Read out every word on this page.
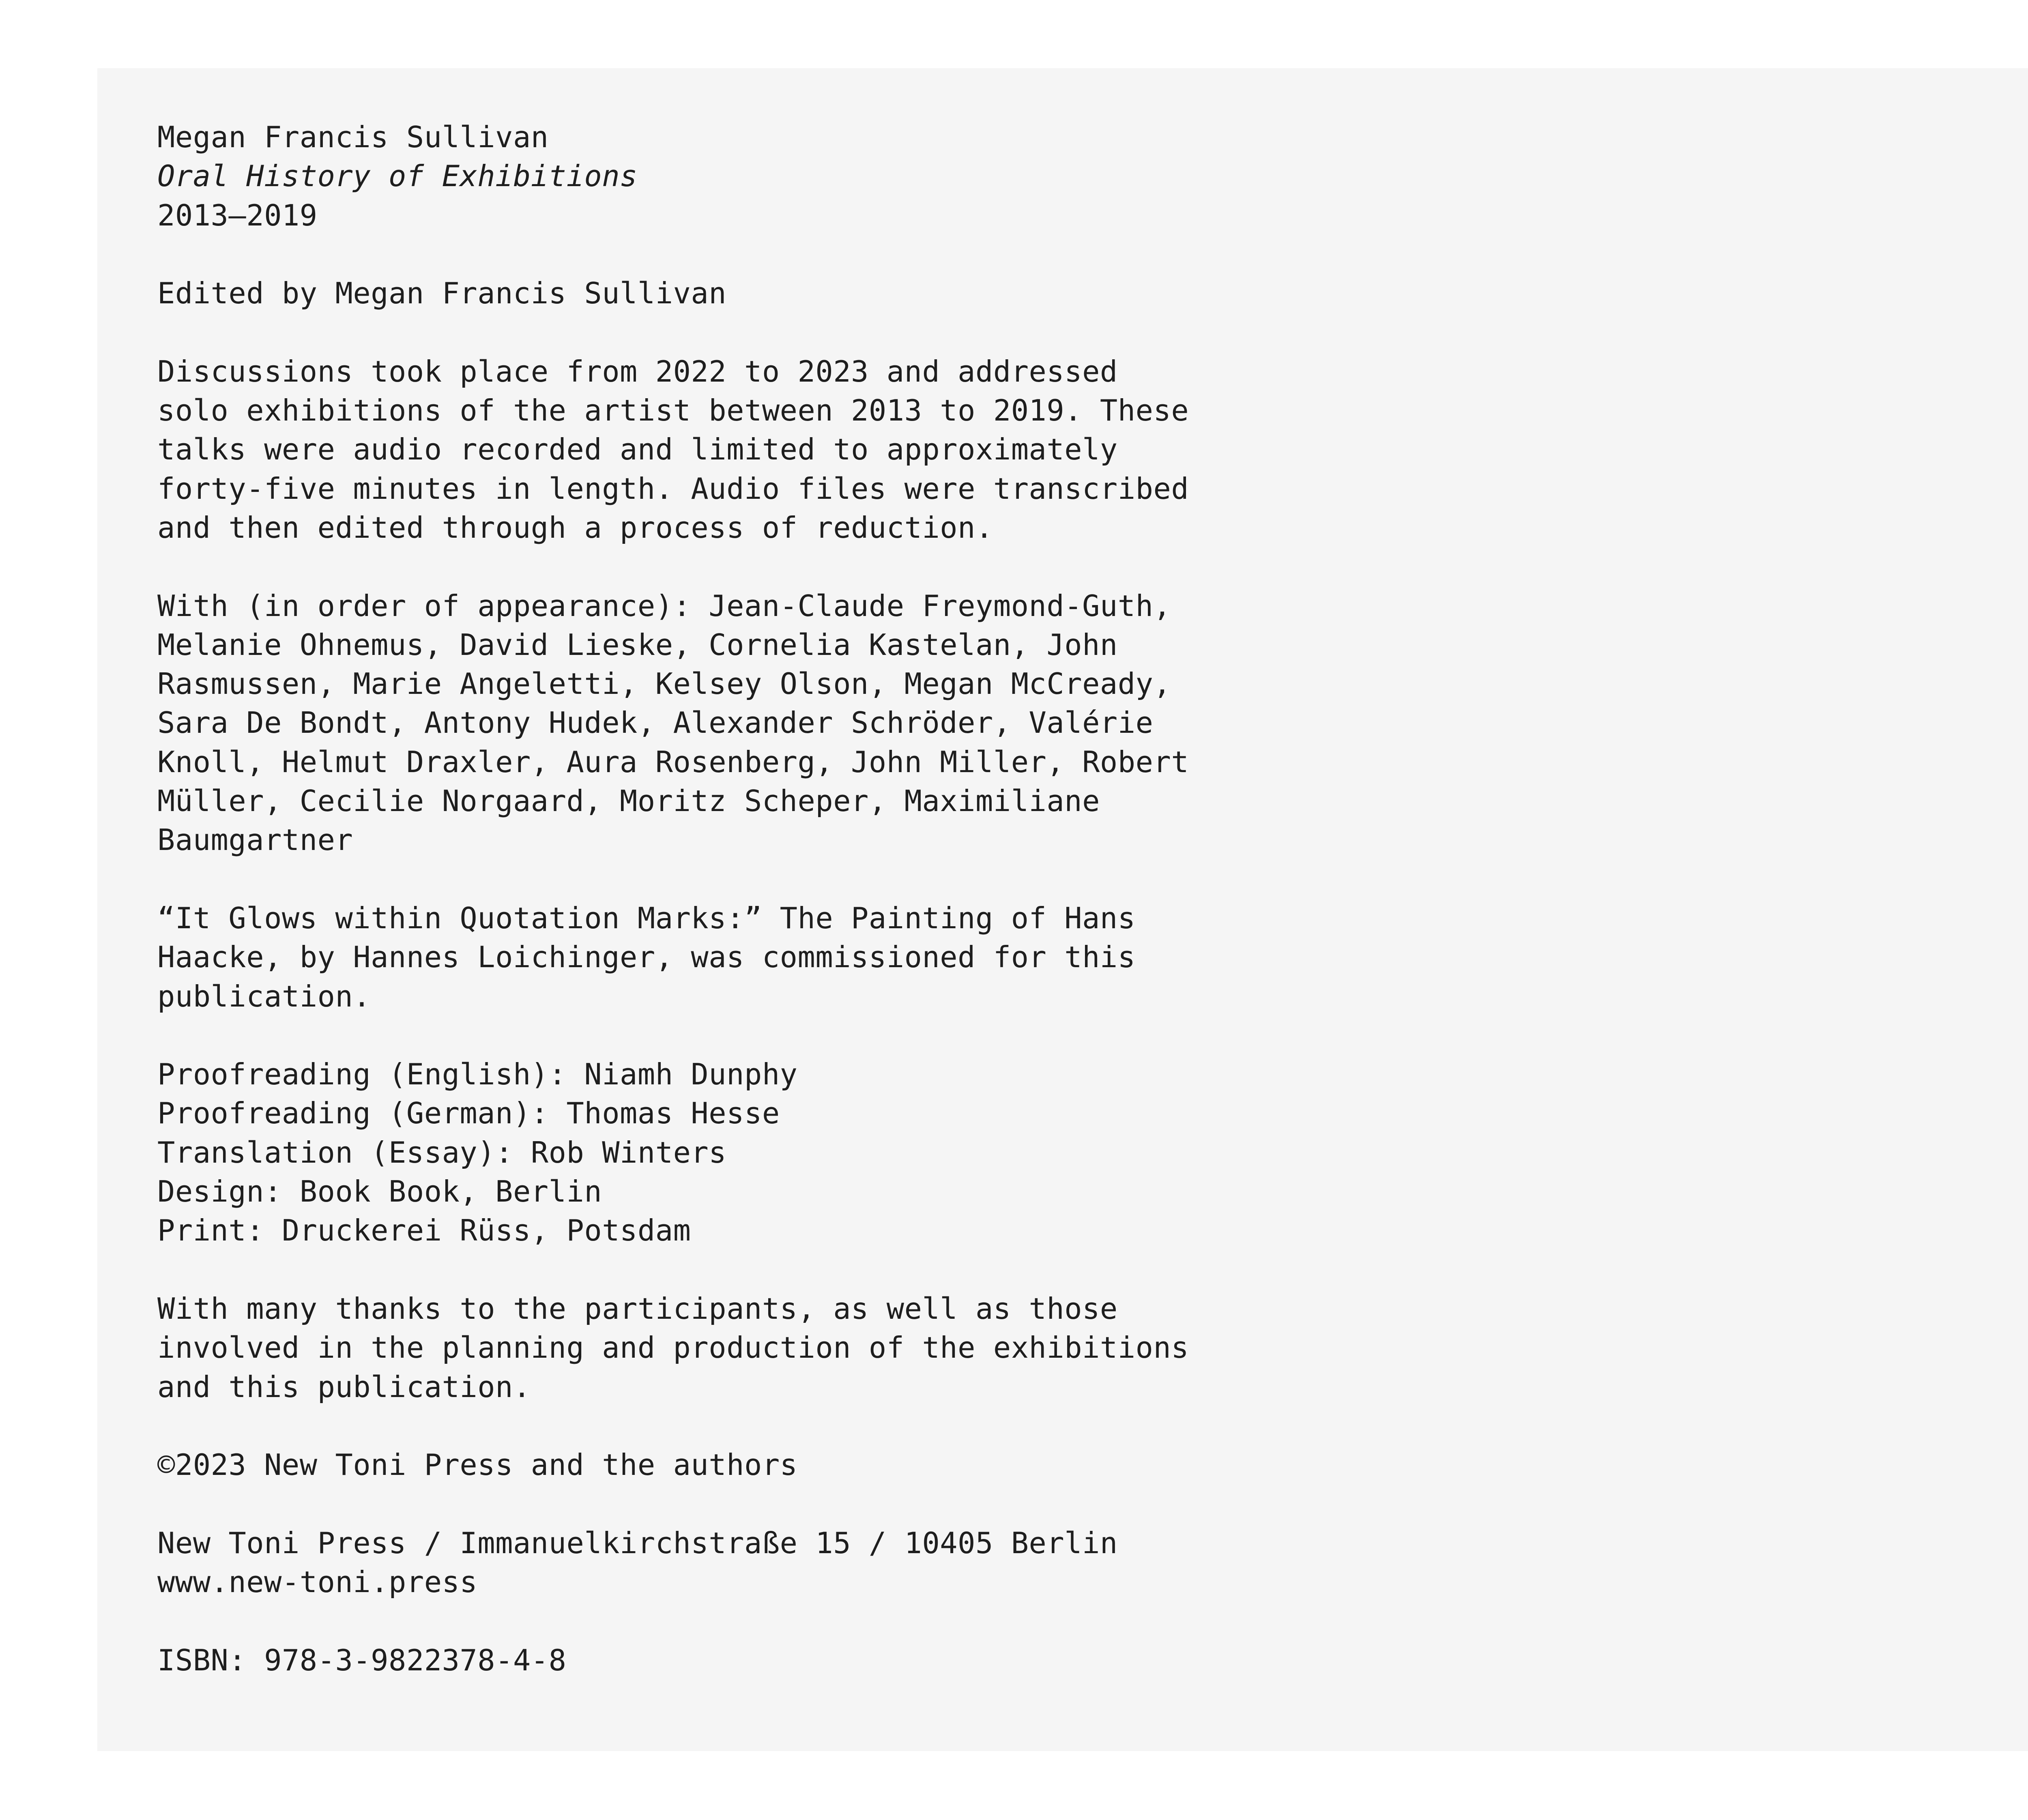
Megan Francis Sullivan
Oral History of Exhibitions
2013–2019

Edited by Megan Francis Sullivan

Discussions took place from 2022 to 2023 and addressed
solo exhibitions of the artist between 2013 to 2019. These
talks were audio recorded and limited to approximately
forty-five minutes in length. Audio files were transcribed
and then edited through a process of reduction.

With (in order of appearance): Jean-Claude Freymond-Guth,
Melanie Ohnemus, David Lieske, Cornelia Kastelan, John
Rasmussen, Marie Angeletti, Kelsey Olson, Megan McCready,
Sara De Bondt, Antony Hudek, Alexander Schröder, Valérie
Knoll, Helmut Draxler, Aura Rosenberg, John Miller, Robert
Müller, Cecilie Norgaard, Moritz Scheper, Maximiliane
Baumgartner

“It Glows within Quotation Marks:” The Painting of Hans
Haacke, by Hannes Loichinger, was commissioned for this
publication.

Proofreading (English): Niamh Dunphy
Proofreading (German): Thomas Hesse
Translation (Essay): Rob Winters
Design: Book Book, Berlin
Print: Druckerei Rüss, Potsdam

With many thanks to the participants, as well as those
involved in the planning and production of the exhibitions
and this publication.

©2023 New Toni Press and the authors

New Toni Press / Immanuelkirchstraße 15 / 10405 Berlin
www.new-toni.press

ISBN: 978-3-9822378-4-8
